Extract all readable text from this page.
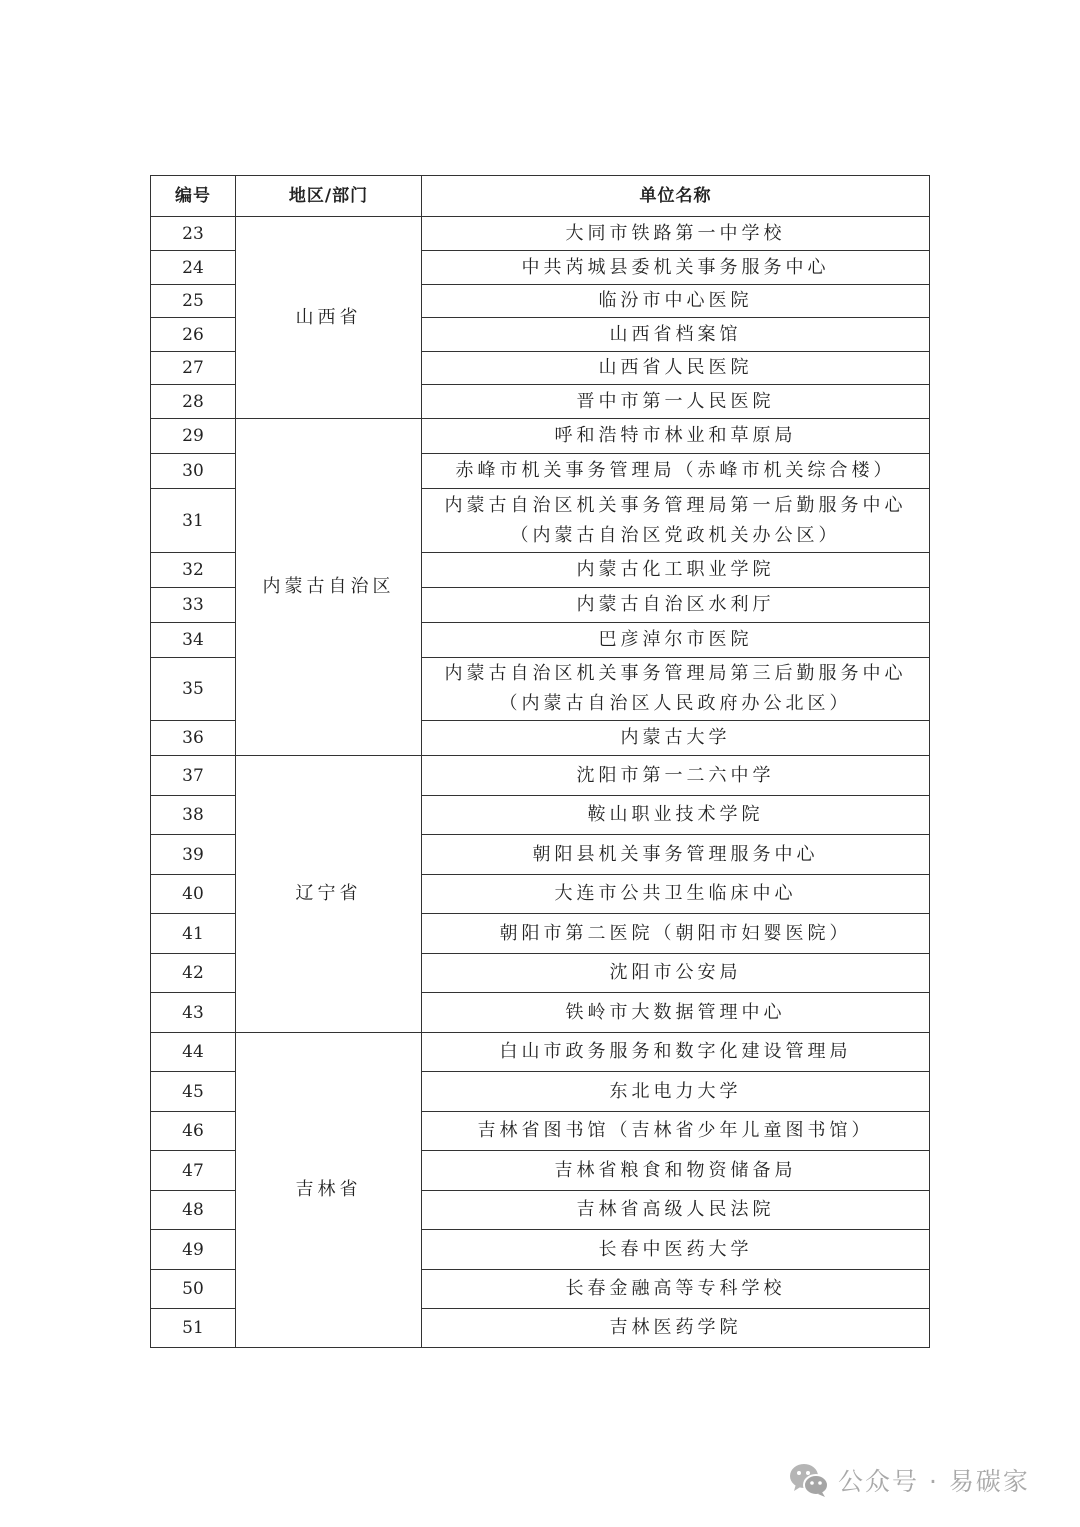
编号	地区/部门	单位名称
23	山西省	大同市铁路第一中学校

24		中共芮城县委机关事务服务中心

25		临汾市中心医院

26		山西省档案馆

27		山西省人民医院

28		晋中市第一人民医院

29	内蒙古自治区	呼和浩特市林业和草原局

30		赤峰市机关事务管理局（赤峰市机关综合楼）

31		内蒙古自治区机关事务管理局第一后勤服务中心
（内蒙古自治区党政机关办公区）

32		内蒙古化工职业学院

33		内蒙古自治区水利厅

34		巴彦淖尔市医院

35		内蒙古自治区机关事务管理局第三后勤服务中心
（内蒙古自治区人民政府办公北区）

36		内蒙古大学

37	辽宁省	沈阳市第一二六中学

38		鞍山职业技术学院

39		朝阳县机关事务管理服务中心

40		大连市公共卫生临床中心

41		朝阳市第二医院（朝阳市妇婴医院）

42		沈阳市公安局

43		铁岭市大数据管理中心

44	吉林省	白山市政务服务和数字化建设管理局

45		东北电力大学

46		吉林省图书馆（吉林省少年儿童图书馆）

47		吉林省粮食和物资储备局

48		吉林省高级人民法院

49		长春中医药大学

50		长春金融高等专科学校

51		吉林医药学院
公众号 · 易碳家
